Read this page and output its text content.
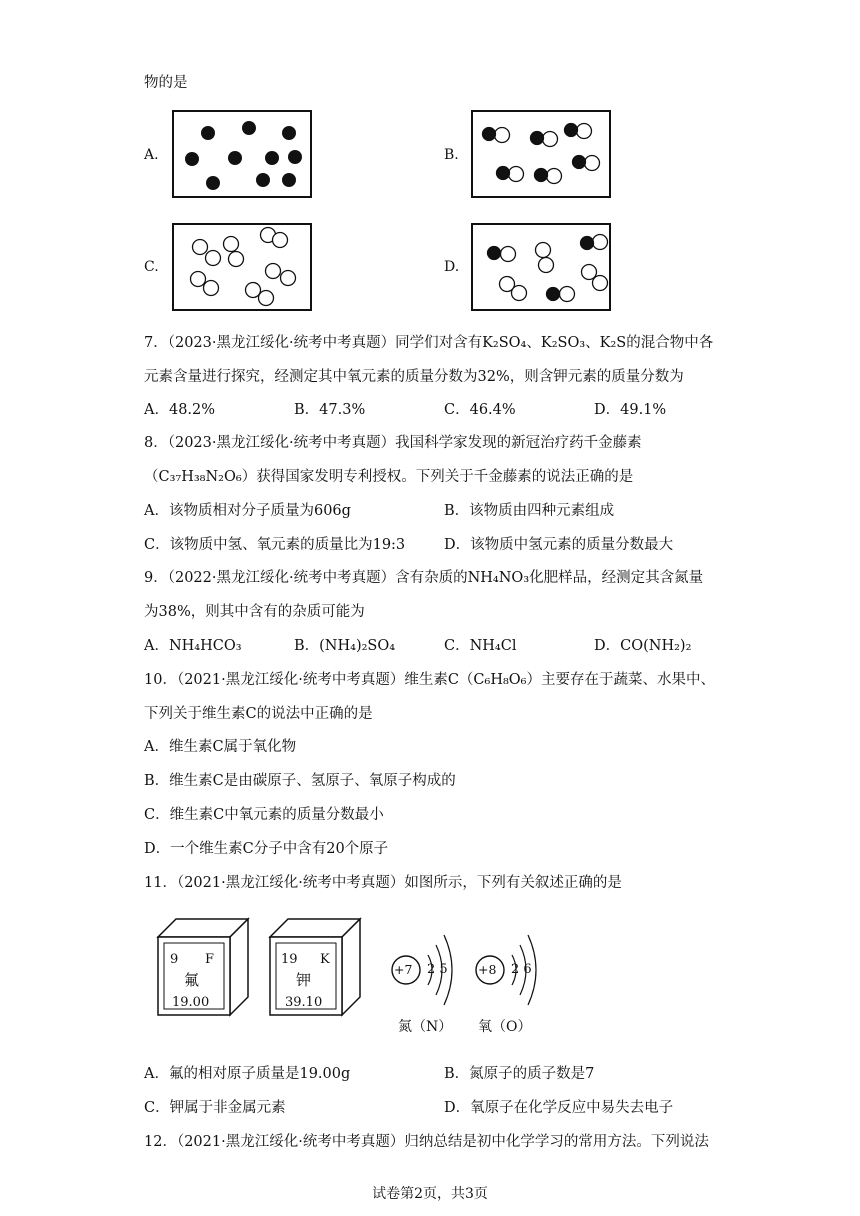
物的是
A.	B.
C.	D.
7．（2023·黑龙江绥化·统考中考真题）同学们对含有K₂SO₄、K₂SO₃、K₂S的混合物中各
元素含量进行探究，经测定其中氧元素的质量分数为32%，则含钾元素的质量分数为
A．48.2%	B．47.3%	C．46.4%	D．49.1%
8．（2023·黑龙江绥化·统考中考真题）我国科学家发现的新冠治疗药千金藤素
（C₃₇H₃₈N₂O₆）获得国家发明专利授权。下列关于千金藤素的说法正确的是
A．该物质相对分子质量为606g	B．该物质由四种元素组成
C．该物质中氢、氧元素的质量比为19:3	D．该物质中氢元素的质量分数最大
9．（2022·黑龙江绥化·统考中考真题）含有杂质的NH₄NO₃化肥样品，经测定其含氮量
为38%，则其中含有的杂质可能为
A．NH₄HCO₃	B．(NH₄)₂SO₄	C．NH₄Cl	D．CO(NH₂)₂
10．（2021·黑龙江绥化·统考中考真题）维生素C（C₆H₈O₆）主要存在于蔬菜、水果中、
下列关于维生素C的说法中正确的是
A．维生素C属于氧化物
B．维生素C是由碳原子、氢原子、氧原子构成的
C．维生素C中氧元素的质量分数最小
D．一个维生素C分子中含有20个原子
11．（2021·黑龙江绥化·统考中考真题）如图所示，下列有关叙述正确的是
9 F
氟
19.00
19 K
钾
39.10
+7 2 5
氮（N）
+8 2 6
氧（O）
A．氟的相对原子质量是19.00g	B．氮原子的质子数是7
C．钾属于非金属元素	D．氧原子在化学反应中易失去电子
12．（2021·黑龙江绥化·统考中考真题）归纳总结是初中化学学习的常用方法。下列说法
试卷第2页，共3页
